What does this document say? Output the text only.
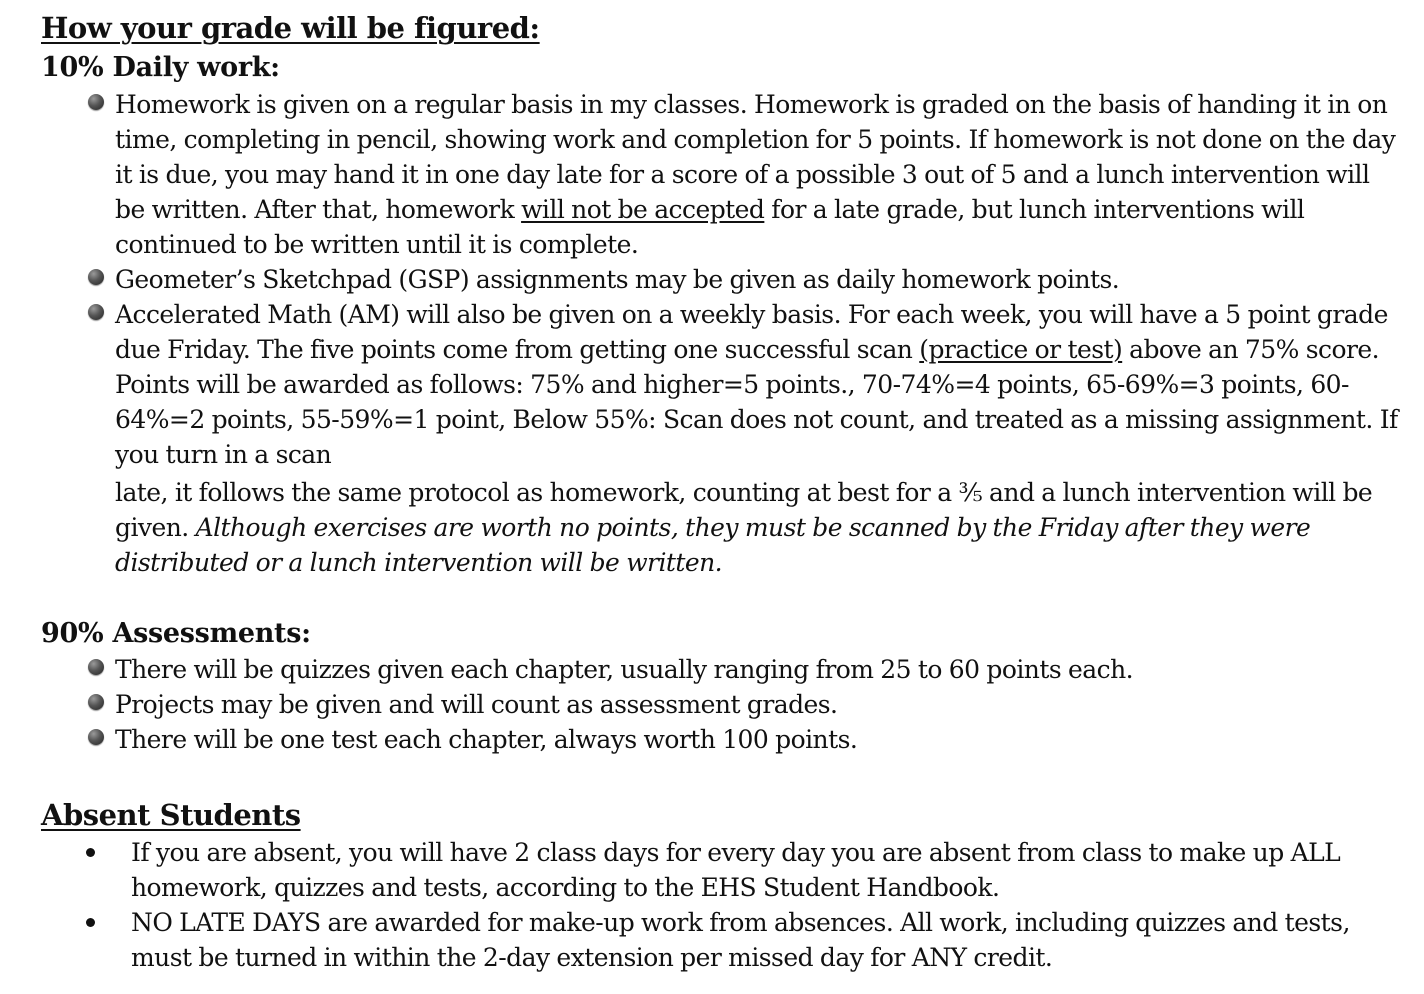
How your grade will be figured:
10% Daily work:
Homework is given on a regular basis in my classes. Homework is graded on the basis of handing it in on time, completing in pencil, showing work and completion for 5 points. If homework is not done on the day it is due, you may hand it in one day late for a score of a possible 3 out of 5 and a lunch intervention will be written. After that, homework will not be accepted for a late grade, but lunch interventions will continued to be written until it is complete.
Geometer’s Sketchpad (GSP) assignments may be given as daily homework points.
Accelerated Math (AM) will also be given on a weekly basis. For each week, you will have a 5 point grade due Friday. The five points come from getting one successful scan (practice or test) above an 75% score. Points will be awarded as follows: 75% and higher=5 points., 70-74%=4 points, 65-69%=3 points, 60-64%=2 points, 55-59%=1 point, Below 55%: Scan does not count, and treated as a missing assignment. If you turn in a scan
late, it follows the same protocol as homework, counting at best for a ⅗ and a lunch intervention will be given. Although exercises are worth no points, they must be scanned by the Friday after they were distributed or a lunch intervention will be written.
90% Assessments:
There will be quizzes given each chapter, usually ranging from 25 to 60 points each.
Projects may be given and will count as assessment grades.
There will be one test each chapter, always worth 100 points.
Absent Students
If you are absent, you will have 2 class days for every day you are absent from class to make up ALL homework, quizzes and tests, according to the EHS Student Handbook.
NO LATE DAYS are awarded for make-up work from absences. All work, including quizzes and tests, must be turned in within the 2-day extension per missed day for ANY credit.
